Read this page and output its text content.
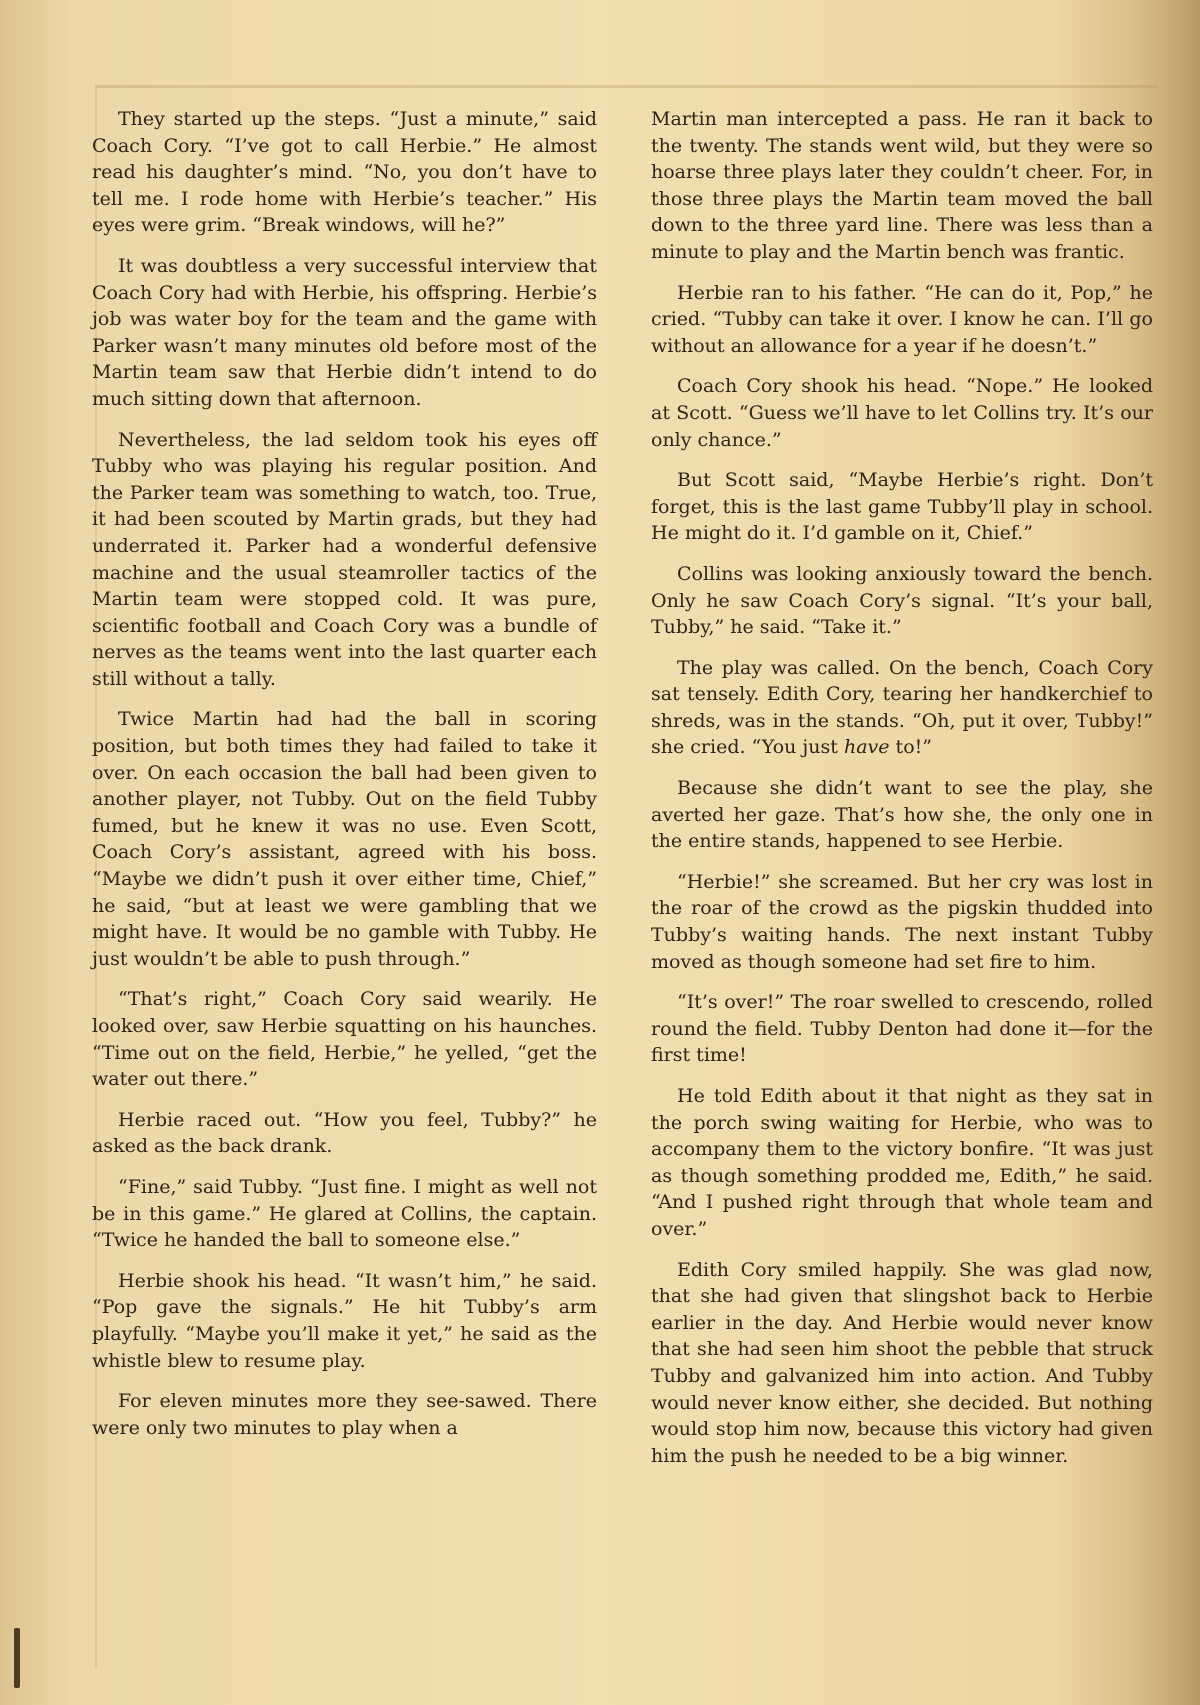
They started up the steps. “Just a minute,” said Coach Cory. “I’ve got to call Herbie.” He almost read his daughter’s mind. “No, you don’t have to tell me. I rode home with Herbie’s teacher.” His eyes were grim. “Break windows, will he?”

It was doubtless a very successful interview that Coach Cory had with Herbie, his offspring. Herbie’s job was water boy for the team and the game with Parker wasn’t many minutes old before most of the Martin team saw that Herbie didn’t intend to do much sitting down that afternoon.

Nevertheless, the lad seldom took his eyes off Tubby who was playing his regular position. And the Parker team was something to watch, too. True, it had been scouted by Martin grads, but they had underrated it. Parker had a wonderful defensive machine and the usual steamroller tactics of the Martin team were stopped cold. It was pure, scientific football and Coach Cory was a bundle of nerves as the teams went into the last quarter each still without a tally.

Twice Martin had had the ball in scoring position, but both times they had failed to take it over. On each occasion the ball had been given to another player, not Tubby. Out on the field Tubby fumed, but he knew it was no use. Even Scott, Coach Cory’s assistant, agreed with his boss. “Maybe we didn’t push it over either time, Chief,” he said, “but at least we were gambling that we might have. It would be no gamble with Tubby. He just wouldn’t be able to push through.”

“That’s right,” Coach Cory said wearily. He looked over, saw Herbie squatting on his haunches. “Time out on the field, Herbie,” he yelled, “get the water out there.”

Herbie raced out. “How you feel, Tubby?” he asked as the back drank.

“Fine,” said Tubby. “Just fine. I might as well not be in this game.” He glared at Collins, the captain. “Twice he handed the ball to someone else.”

Herbie shook his head. “It wasn’t him,” he said. “Pop gave the signals.” He hit Tubby’s arm playfully. “Maybe you’ll make it yet,” he said as the whistle blew to resume play.

For eleven minutes more they see-sawed. There were only two minutes to play when a

Martin man intercepted a pass. He ran it back to the twenty. The stands went wild, but they were so hoarse three plays later they couldn’t cheer. For, in those three plays the Martin team moved the ball down to the three yard line. There was less than a minute to play and the Martin bench was frantic.

Herbie ran to his father. “He can do it, Pop,” he cried. “Tubby can take it over. I know he can. I’ll go without an allowance for a year if he doesn’t.”

Coach Cory shook his head. “Nope.” He looked at Scott. “Guess we’ll have to let Collins try. It’s our only chance.”

But Scott said, “Maybe Herbie’s right. Don’t forget, this is the last game Tubby’ll play in school. He might do it. I’d gamble on it, Chief.”

Collins was looking anxiously toward the bench. Only he saw Coach Cory’s signal. “It’s your ball, Tubby,” he said. “Take it.”

The play was called. On the bench, Coach Cory sat tensely. Edith Cory, tearing her handkerchief to shreds, was in the stands. “Oh, put it over, Tubby!” she cried. “You just have to!”

Because she didn’t want to see the play, she averted her gaze. That’s how she, the only one in the entire stands, happened to see Herbie.

“Herbie!” she screamed. But her cry was lost in the roar of the crowd as the pigskin thudded into Tubby’s waiting hands. The next instant Tubby moved as though someone had set fire to him.

“It’s over!” The roar swelled to crescendo, rolled round the field. Tubby Denton had done it—for the first time!

He told Edith about it that night as they sat in the porch swing waiting for Herbie, who was to accompany them to the victory bonfire. “It was just as though something prodded me, Edith,” he said. “And I pushed right through that whole team and over.”

Edith Cory smiled happily. She was glad now, that she had given that slingshot back to Herbie earlier in the day. And Herbie would never know that she had seen him shoot the pebble that struck Tubby and galvanized him into action. And Tubby would never know either, she decided. But nothing would stop him now, because this victory had given him the push he needed to be a big winner.
